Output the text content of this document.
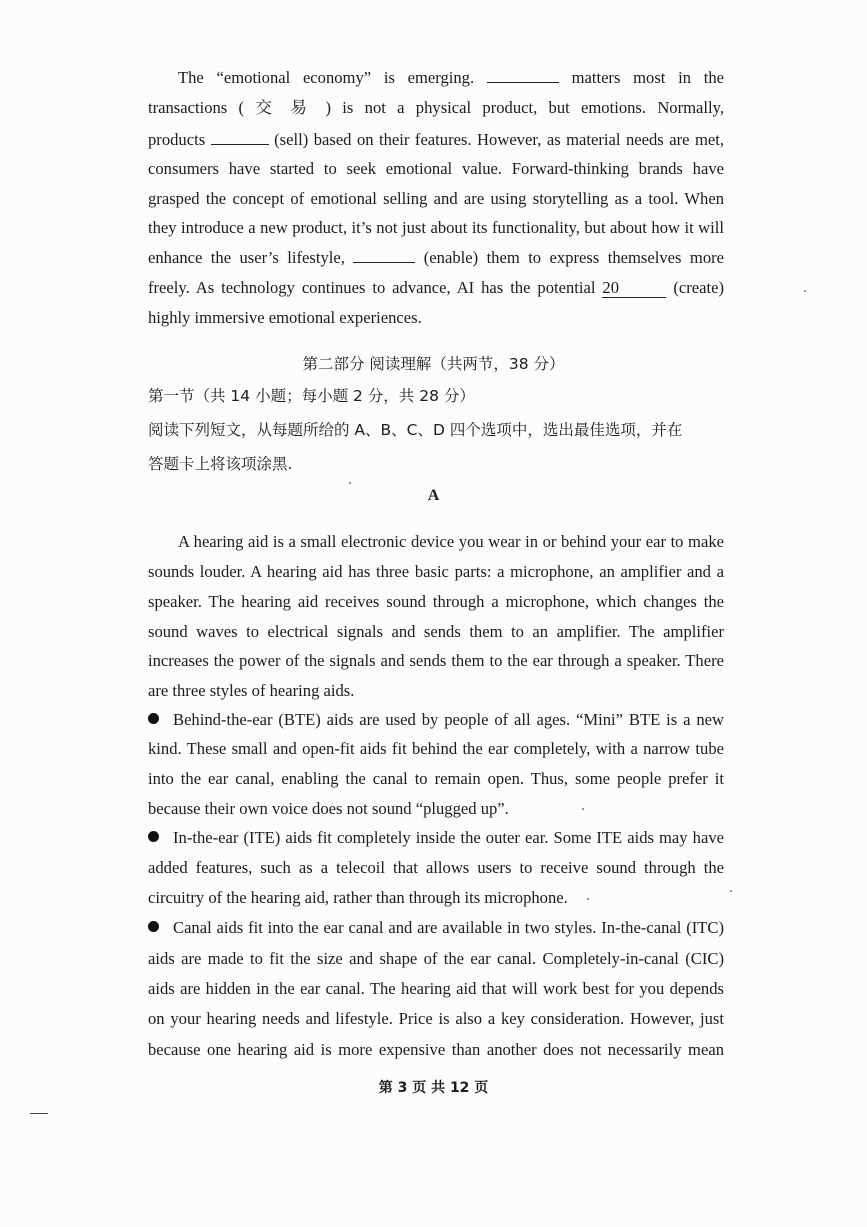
The “emotional economy” is emerging.	matters most in the
transactions ( 交 易 ) is not a physical product, but emotions. Normally,
products	(sell) based on their features. However, as material needs are met,
consumers have started to seek emotional value. Forward-thinking brands have
grasped the concept of emotional selling and are using storytelling as a tool. When
they introduce a new product, it’s not just about its functionality, but about how it will
enhance the user’s lifestyle,	(enable) them to express themselves more
freely. As technology continues to advance, AI has the potential 20	(create)
highly immersive emotional experiences.
第二部分 阅读理解（共两节，38 分）
第一节（共 14 小题；每小题 2 分，共 28 分）
阅读下列短文，从每题所给的 A、B、C、D 四个选项中，选出最佳选项，并在
答题卡上将该项涂黑.
A
A hearing aid is a small electronic device you wear in or behind your ear to make
sounds louder. A hearing aid has three basic parts: a microphone, an amplifier and a
speaker. The hearing aid receives sound through a microphone, which changes the
sound waves to electrical signals and sends them to an amplifier. The amplifier
increases the power of the signals and sends them to the ear through a speaker. There
are three styles of hearing aids.
Behind-the-ear (BTE) aids are used by people of all ages. “Mini” BTE is a new
kind. These small and open-fit aids fit behind the ear completely, with a narrow tube
into the ear canal, enabling the canal to remain open. Thus, some people prefer it
because their own voice does not sound “plugged up”.
In-the-ear (ITE) aids fit completely inside the outer ear. Some ITE aids may have
added features, such as a telecoil that allows users to receive sound through the
circuitry of the hearing aid, rather than through its microphone.
Canal aids fit into the ear canal and are available in two styles. In-the-canal (ITC)
aids are made to fit the size and shape of the ear canal. Completely-in-canal (CIC)
aids are hidden in the ear canal. The hearing aid that will work best for you depends
on your hearing needs and lifestyle. Price is also a key consideration. However, just
because one hearing aid is more expensive than another does not necessarily mean
第 3 页 共 12 页
